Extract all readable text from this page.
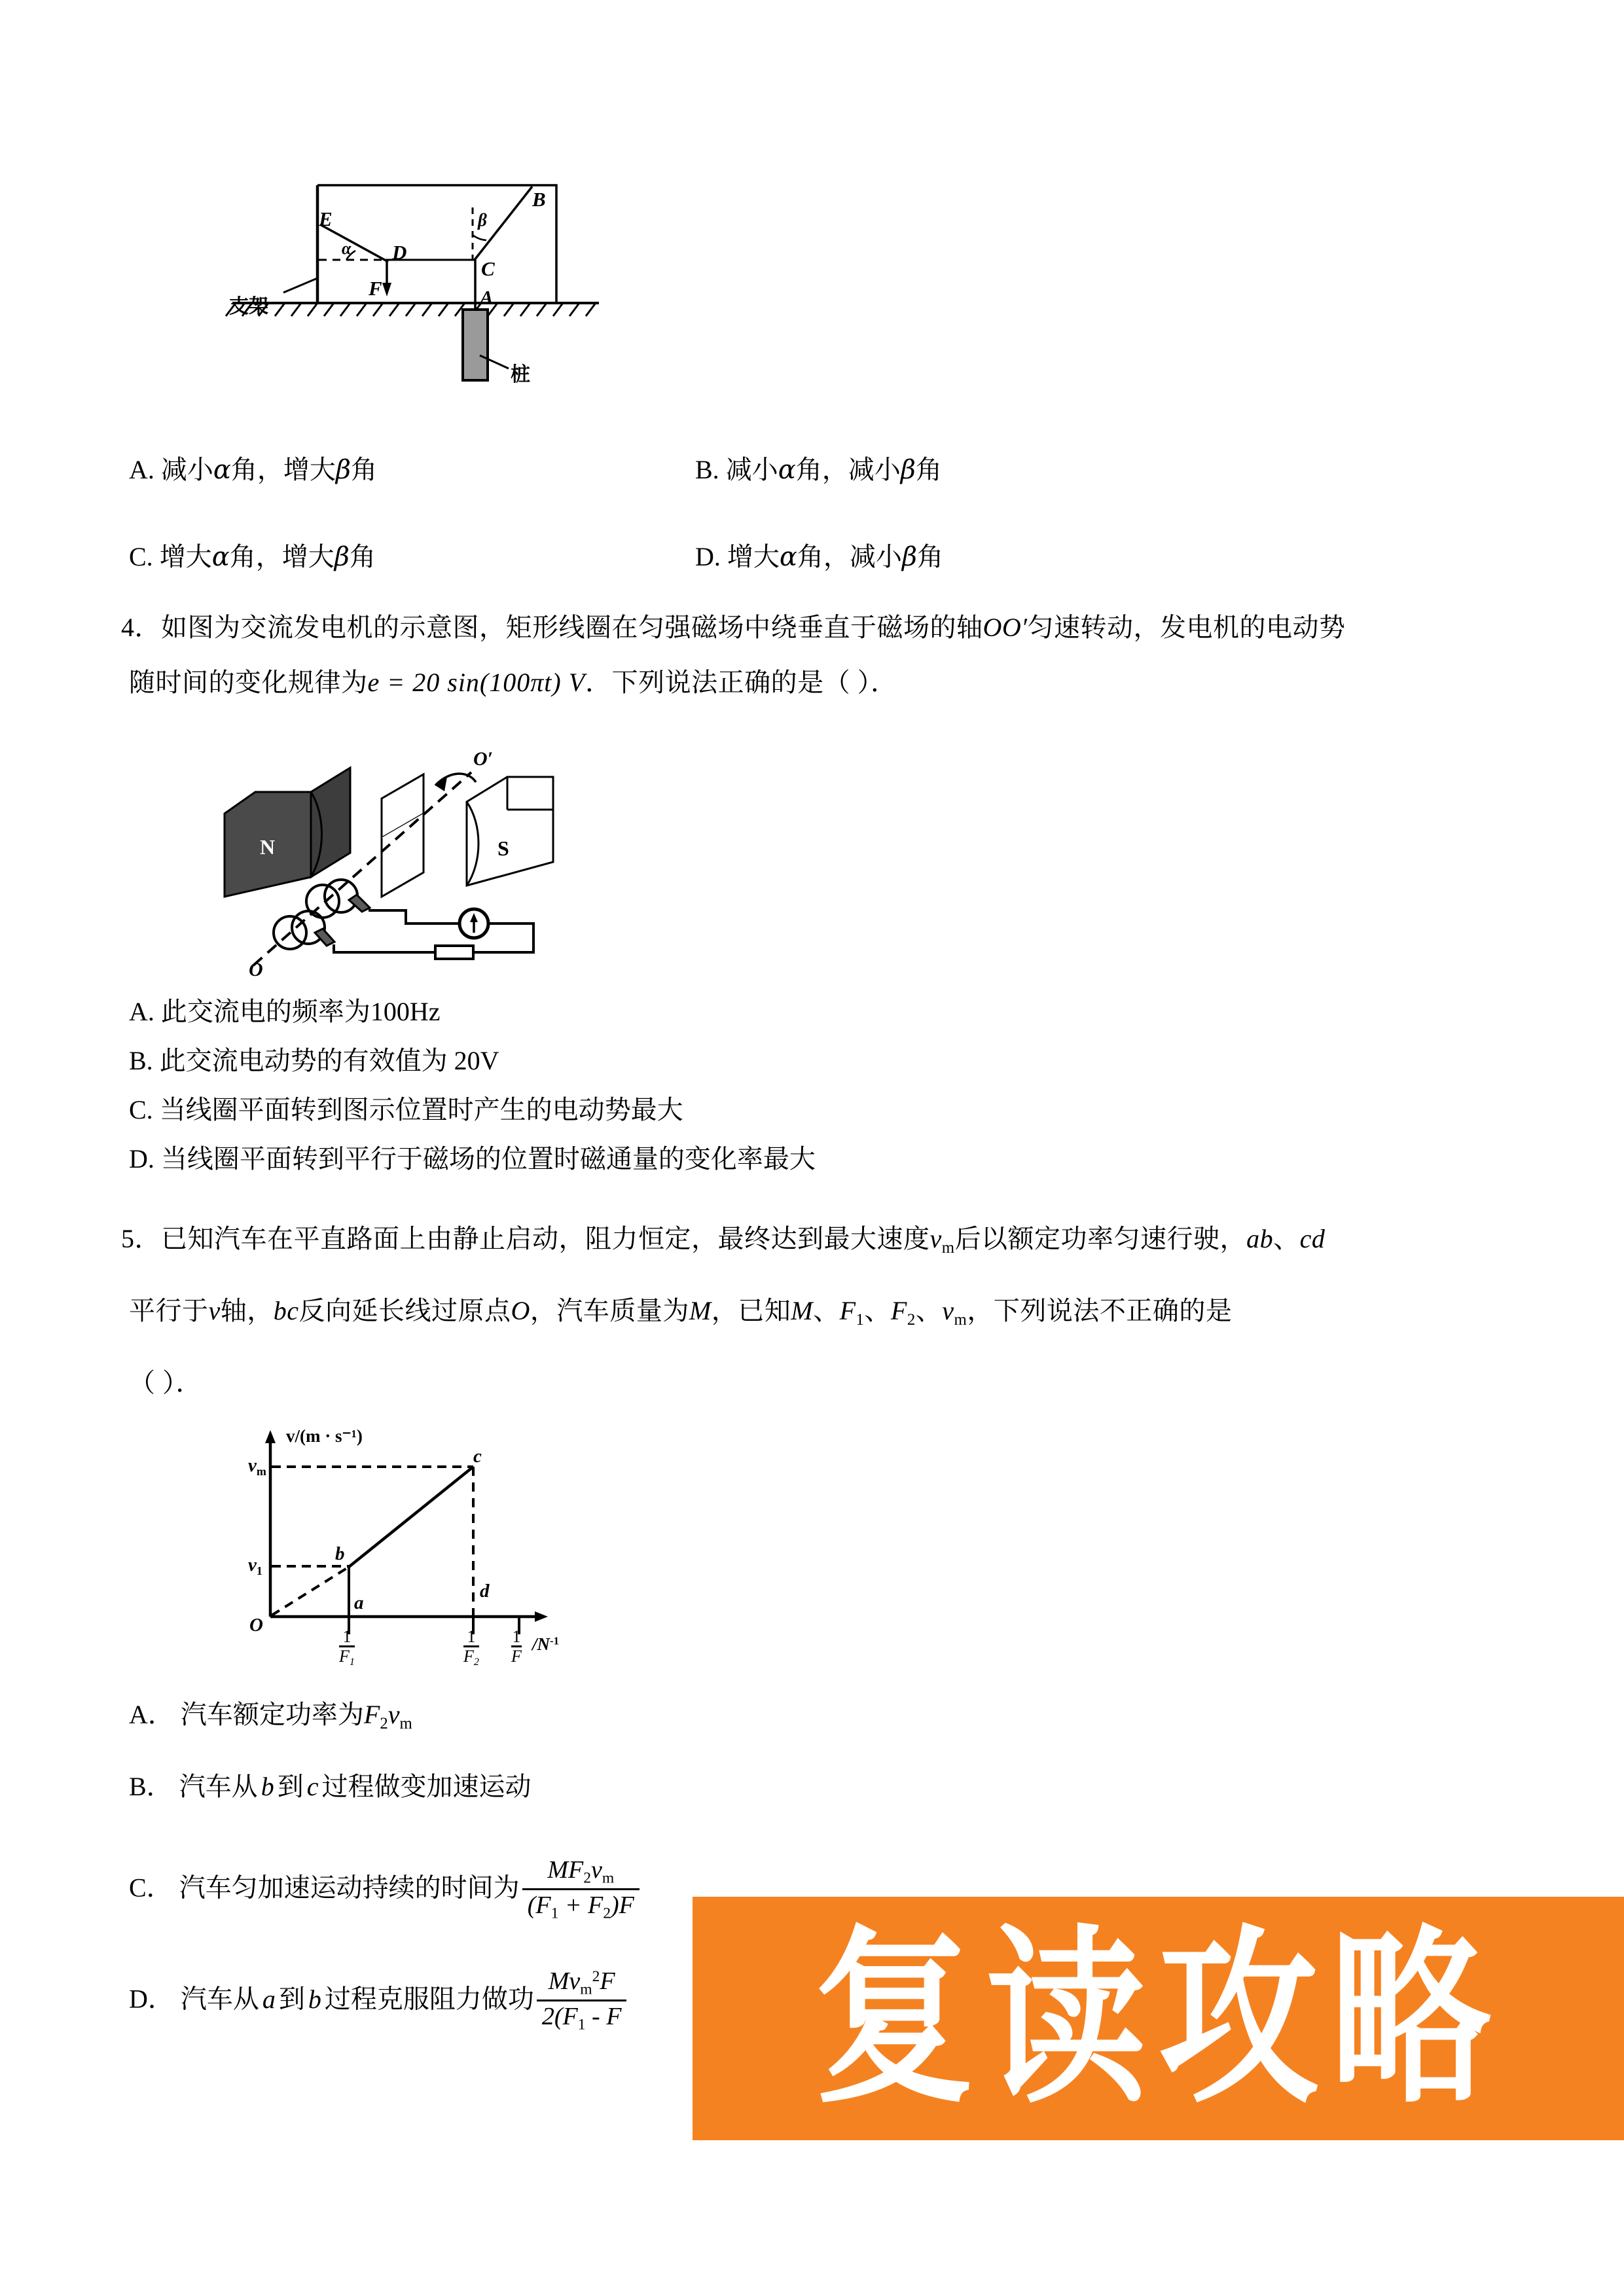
E
D
B
C
A
F
α
β
支架
桩
A. 减小α角，增大β角	B. 减小α角，减小β角
C. 增大α角，增大β角	D. 增大α角，减小β角
4．如图为交流发电机的示意图，矩形线圈在匀强磁场中绕垂直于磁场的轴OO′匀速转动，发电机的电动势
随时间的变化规律为e = 20 sin(100πt) V．下列说法正确的是（ ）．
N	S
O′
O
A. 此交流电的频率为100Hz
B. 此交流电动势的有效值为 20V
C. 当线圈平面转到图示位置时产生的电动势最大
D. 当线圈平面转到平行于磁场的位置时磁通量的变化率最大
5．已知汽车在平直路面上由静止启动，阻力恒定，最终达到最大速度$v_m$后以额定功率匀速行驶，ab、cd
平行于v轴，bc反向延长线过原点O，汽车质量为M，已知M、$F_1$、$F_2$、$v_m$，下列说法不正确的是
（ ）．
v/(m · s⁻¹)
$v_m$
$v_1$
O
b
a
c
d
1
F1
1
F2
1
F
$/N^{-1}$
A． 汽车额定功率为$F_2v_m$
B． 汽车从 b 到 c 过程做变加速运动
C． 汽车匀加速运动持续的时间为 $\frac{MF_2v_m}{(F_1 + F_2)F}$
D． 汽车从 a 到 b 过程克服阻力做功 $\frac{Mv_m^2F}{2(F_1 - F}$ 复读攻略
